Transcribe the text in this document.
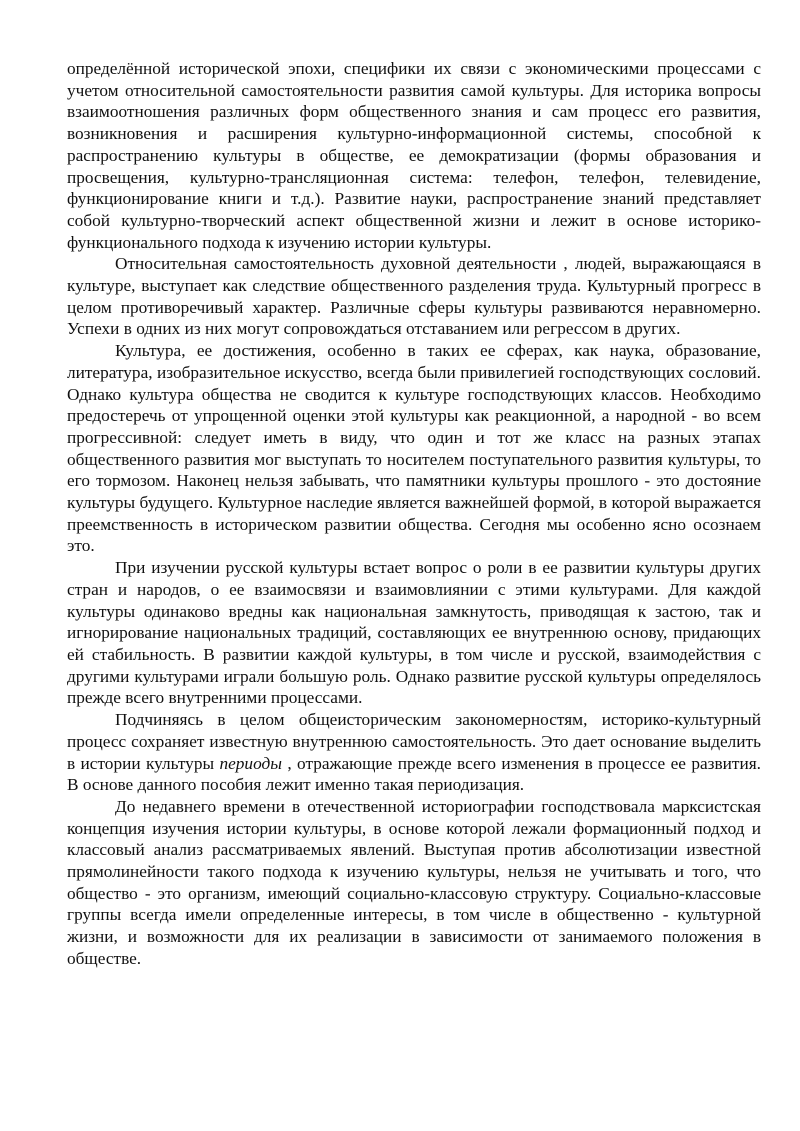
определённой исторической эпохи, специфики их связи с экономическими процессами с учетом относительной самостоятельности развития самой культуры. Для историка вопросы взаимоотношения различных форм общественного знания и сам процесс его развития, возникновения и расширения культурно-информационной системы, способной к распространению культуры в обществе, ее демократизации (формы образования и просвещения, культурно-трансляционная система: телефон, телефон, телевидение, функционирование книги и т.д.). Развитие науки, распространение знаний представляет собой культурно-творческий аспект общественной жизни и лежит в основе историко-функционального подхода к изучению истории культуры.

Относительная самостоятельность духовной деятельности , людей, выражающаяся в культуре, выступает как следствие общественного разделения труда. Культурный прогресс в целом противоречивый характер. Различные сферы культуры развиваются неравномерно. Успехи в одних из них могут сопровождаться отставанием или регрессом в других.

Культура, ее достижения, особенно в таких ее сферах, как наука, образование, литература, изобразительное искусство, всегда были привилегией господствующих сословий. Однако культура общества не сводится к культуре господствующих классов. Необходимо предостеречь от упрощенной оценки этой культуры как реакционной, а народной - во всем прогрессивной: следует иметь в виду, что один и тот же класс на разных этапах общественного развития мог выступать то носителем поступательного развития культуры, то его тормозом. Наконец нельзя забывать, что памятники культуры прошлого - это достояние культуры будущего. Культурное наследие является важнейшей формой, в которой выражается преемственность в историческом развитии общества. Сегодня мы особенно ясно осознаем это.

При изучении русской культуры встает вопрос о роли в ее развитии культуры других стран и народов, о ее взаимосвязи и взаимовлиянии с этими культурами. Для каждой культуры одинаково вредны как национальная замкнутость, приводящая к застою, так и игнорирование национальных традиций, составляющих ее внутреннюю основу, придающих ей стабильность. В развитии каждой культуры, в том числе и русской, взаимодействия с другими культурами играли большую роль. Однако развитие русской культуры определялось прежде всего внутренними процессами.

Подчиняясь в целом общеисторическим закономерностям, историко-культурный процесс сохраняет известную внутреннюю самостоятельность. Это дает основание выделить в истории культуры периоды , отражающие прежде всего изменения в процессе ее развития. В основе данного пособия лежит именно такая периодизация.

До недавнего времени в отечественной историографии господствовала марксистская концепция изучения истории культуры, в основе которой лежали формационный подход и классовый анализ рассматриваемых явлений. Выступая против абсолютизации известной прямолинейности такого подхода к изучению культуры, нельзя не учитывать и того, что общество - это организм, имеющий социально-классовую структуру. Социально-классовые группы всегда имели определенные интересы, в том числе в общественно - культурной жизни, и возможности для их реализации в зависимости от занимаемого положения в обществе.
